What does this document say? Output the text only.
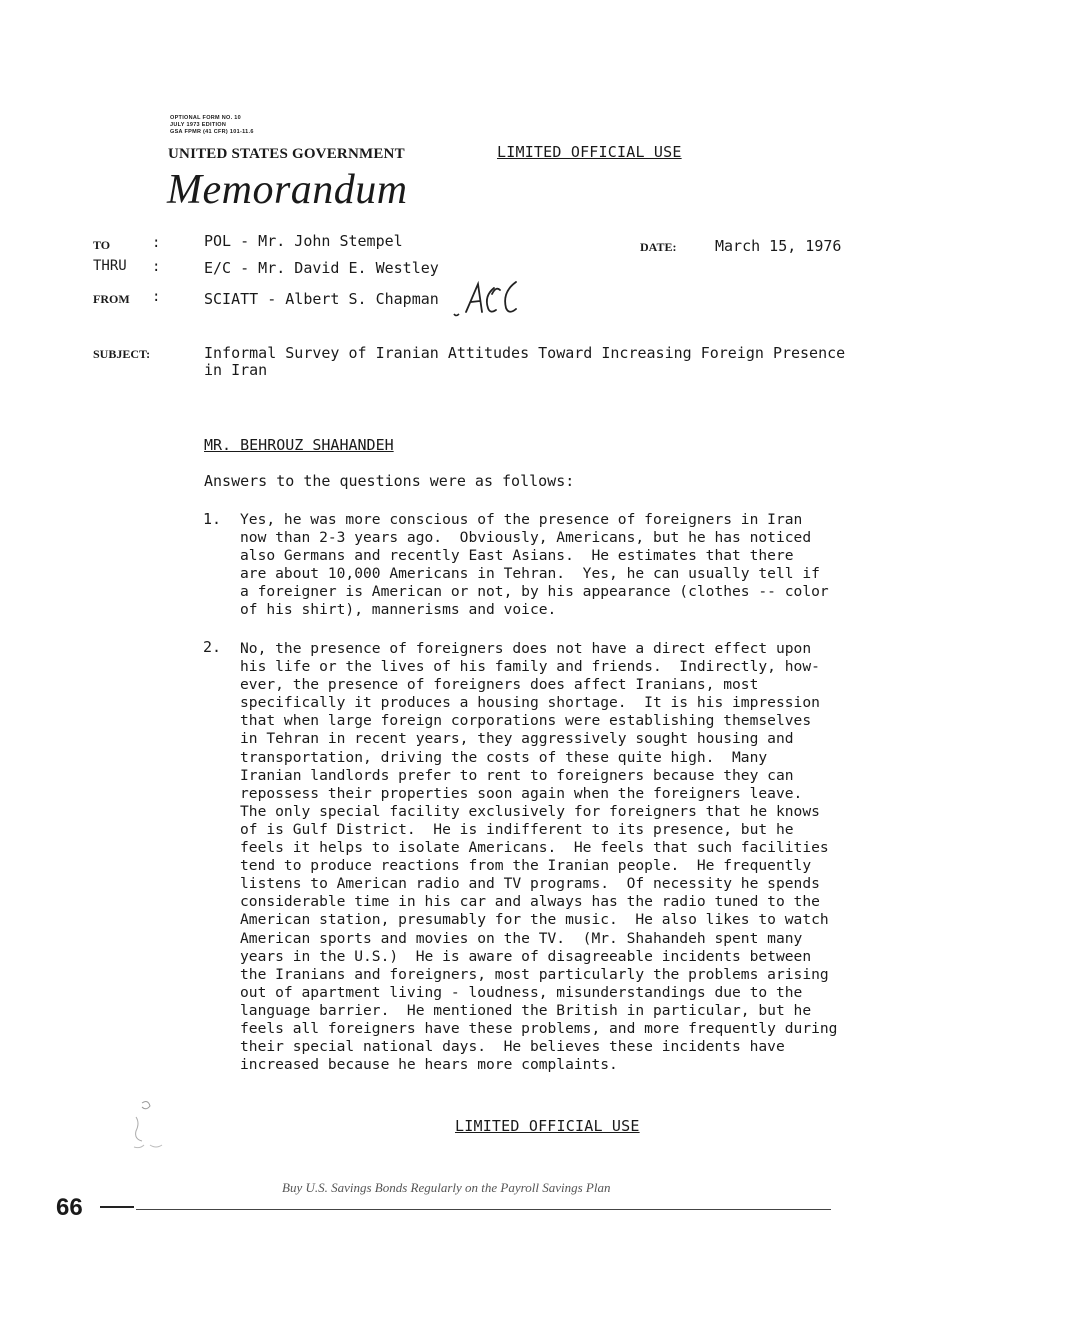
OPTIONAL FORM NO. 10
JULY 1973 EDITION
GSA FPMR (41 CFR) 101-11.6
UNITED STATES GOVERNMENT	LIMITED OFFICIAL USE
Memorandum
TO	:	POL - Mr. John Stempel	DATE:	March 15, 1976
THRU :	E/C - Mr. David E. Westley
FROM :	SCIATT - Albert S. Chapman
SUBJECT:	Informal Survey of Iranian Attitudes Toward Increasing Foreign Presence
in Iran
MR. BEHROUZ SHAHANDEH
Answers to the questions were as follows:
1. Yes, he was more conscious of the presence of foreigners in Iran
now than 2-3 years ago.  Obviously, Americans, but he has noticed
also Germans and recently East Asians.  He estimates that there
are about 10,000 Americans in Tehran.  Yes, he can usually tell if
a foreigner is American or not, by his appearance (clothes -- color
of his shirt), mannerisms and voice.
2. No, the presence of foreigners does not have a direct effect upon
his life or the lives of his family and friends.  Indirectly, how-
ever, the presence of foreigners does affect Iranians, most
specifically it produces a housing shortage.  It is his impression
that when large foreign corporations were establishing themselves
in Tehran in recent years, they aggressively sought housing and
transportation, driving the costs of these quite high.  Many
Iranian landlords prefer to rent to foreigners because they can
repossess their properties soon again when the foreigners leave.
The only special facility exclusively for foreigners that he knows
of is Gulf District.  He is indifferent to its presence, but he
feels it helps to isolate Americans.  He feels that such facilities
tend to produce reactions from the Iranian people.  He frequently
listens to American radio and TV programs.  Of necessity he spends
considerable time in his car and always has the radio tuned to the
American station, presumably for the music.  He also likes to watch
American sports and movies on the TV.  (Mr. Shahandeh spent many
years in the U.S.)  He is aware of disagreeable incidents between
the Iranians and foreigners, most particularly the problems arising
out of apartment living - loudness, misunderstandings due to the
language barrier.  He mentioned the British in particular, but he
feels all foreigners have these problems, and more frequently during
their special national days.  He believes these incidents have
increased because he hears more complaints.
LIMITED OFFICIAL USE
Buy U.S. Savings Bonds Regularly on the Payroll Savings Plan
66
